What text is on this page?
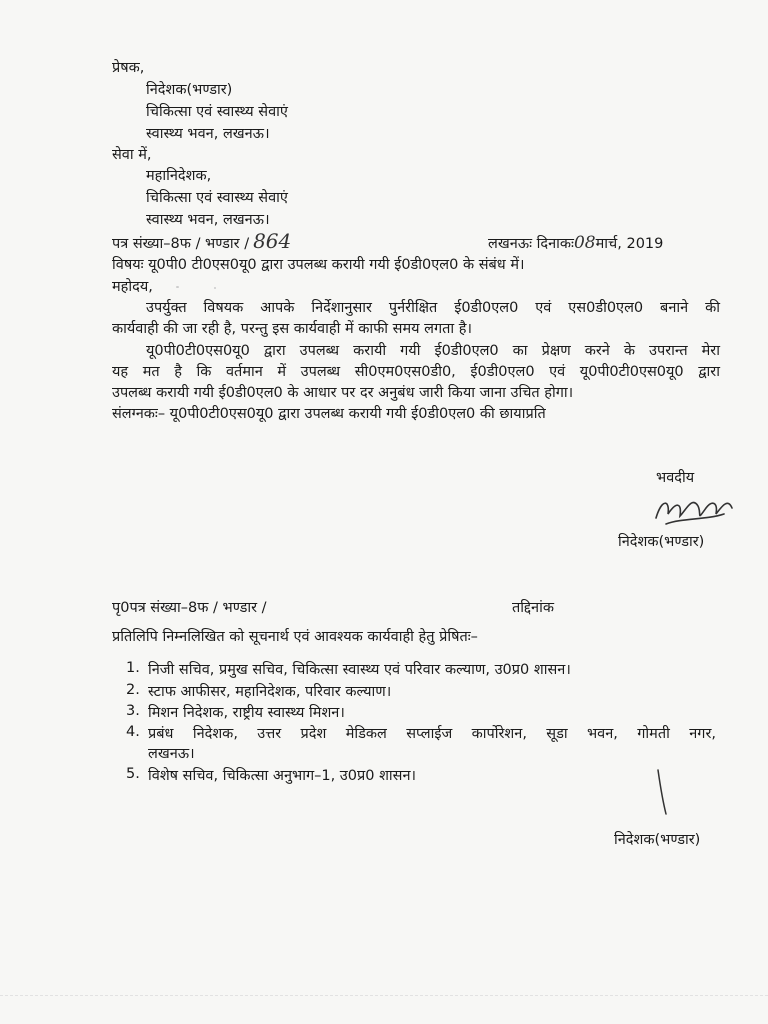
प्रेषक,
निदेशक(भण्डार)
चिकित्सा एवं स्वास्थ्य सेवाएं
स्वास्थ्य भवन, लखनऊ।
सेवा में,
महानिदेशक,
चिकित्सा एवं स्वास्थ्य सेवाएं
स्वास्थ्य भवन, लखनऊ।
पत्र संख्या–8फ / भण्डार / 864	लखनऊः दिनाकः08मार्च, 2019
विषयः यू0पी0 टी0एस0यू0 द्वारा उपलब्ध करायी गयी ई0डी0एल0 के संबंध में।
महोदय,
उपर्युक्त विषयक आपके निर्देशानुसार पुर्नरीक्षित ई0डी0एल0 एवं एस0डी0एल0 बनाने की
कार्यवाही की जा रही है, परन्तु इस कार्यवाही में काफी समय लगता है।
यू0पी0टी0एस0यू0 द्वारा उपलब्ध करायी गयी ई0डी0एल0 का प्रेक्षण करने के उपरान्त मेरा
यह मत है कि वर्तमान में उपलब्ध सी0एम0एस0डी0, ई0डी0एल0 एवं यू0पी0टी0एस0यू0 द्वारा
उपलब्ध करायी गयी ई0डी0एल0 के आधार पर दर अनुबंध जारी किया जाना उचित होगा।
संलग्नकः– यू0पी0टी0एस0यू0 द्वारा उपलब्ध करायी गयी ई0डी0एल0 की छायाप्रति
भवदीय
निदेशक(भण्डार)
पृ0पत्र संख्या–8फ / भण्डार /	तद्दिनांक
प्रतिलिपि निम्नलिखित को सूचनार्थ एवं आवश्यक कार्यवाही हेतु प्रेषितः–
1. निजी सचिव, प्रमुख सचिव, चिकित्सा स्वास्थ्य एवं परिवार कल्याण, उ0प्र0 शासन।
2. स्टाफ आफीसर, महानिदेशक, परिवार कल्याण।
3. मिशन निदेशक, राष्ट्रीय स्वास्थ्य मिशन।
4. प्रबंध निदेशक, उत्तर प्रदेश मेडिकल सप्लाईज कार्पोरेशन, सूडा भवन, गोमती नगर,
लखनऊ।
5. विशेष सचिव, चिकित्सा अनुभाग–1, उ0प्र0 शासन।
निदेशक(भण्डार)
